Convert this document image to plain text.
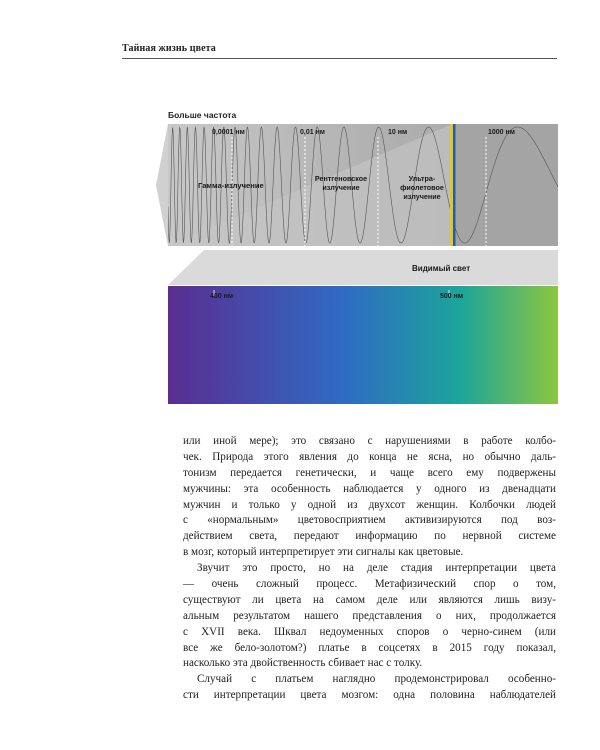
Тайная жизнь цвета
Больше частота
0,0001 нм	0,01 нм	10 нм	1000 нм
Гамма-излучение
Рентгеновское
излучение
Ультра-
фиолетовое
излучение
Видимый свет
400 нм	500 нм
или иной мере); это связано с нарушениями в работе колбо-
чек. Природа этого явления до конца не ясна, но обычно даль-
тонизм передается генетически, и чаще всего ему подвержены
мужчины: эта особенность наблюдается у одного из двенадцати
мужчин и только у одной из двухсот женщин. Колбочки людей
с «нормальным» цветовосприятием активизируются под воз-
действием света, передают информацию по нервной системе
в мозг, который интерпретирует эти сигналы как цветовые.
Звучит это просто, но на деле стадия интерпретации цвета
— очень сложный процесс. Метафизический спор о том,
существуют ли цвета на самом деле или являются лишь визу-
альным результатом нашего представления о них, продолжается
с XVII века. Шквал недоуменных споров о черно-синем (или
все же бело-золотом?) платье в соцсетях в 2015 году показал,
насколько эта двойственность сбивает нас с толку.
Случай с платьем наглядно продемонстрировал особенно-
сти интерпретации цвета мозгом: одна половина наблюдателей
